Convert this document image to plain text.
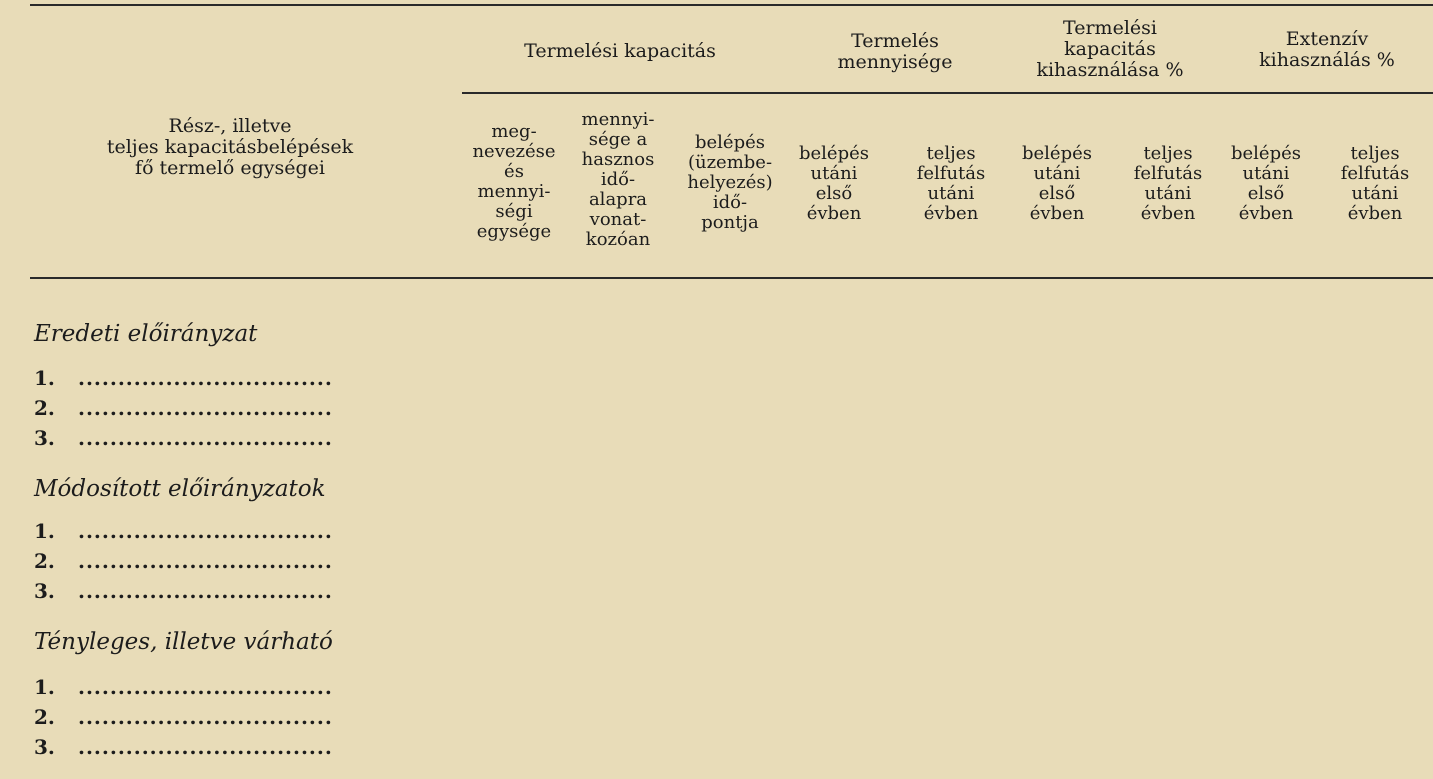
Rész-, illetve
teljes kapacitásbelépések
fő termelő egységei
Termelési kapacitás	Termelés
mennyisége
Termelési
kapacitás
kihasználása %
Extenzív
kihasználás %
meg-
nevezése
és
mennyi-
ségi
egysége
mennyi-
sége a
hasznos
idő-
alapra
vonat-
kozóan
belépés
(üzembe-
helyezés)
idő-
pontja
belépés
utáni
első
évben
teljes
felfutás
utáni
évben
belépés
utáni
első
évben
teljes
felfutás
utáni
évben
belépés
utáni
első
évben
teljes
felfutás
utáni
évben
Eredeti előirányzat
1. ................................
2. ................................
3. ................................
Módosított előirányzatok
1. ................................
2. ................................
3. ................................
Tényleges, illetve várható
1. ................................
2. ................................
3. ................................
